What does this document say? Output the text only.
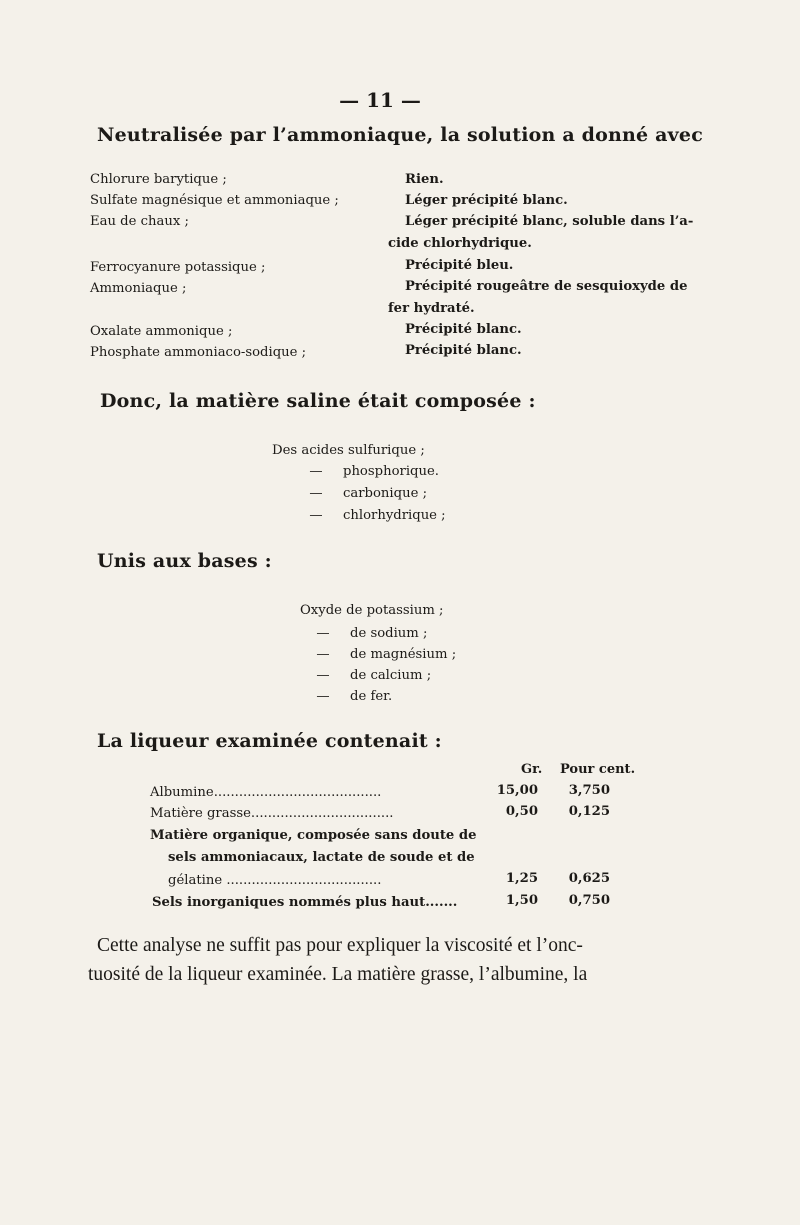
— 11 —
Neutralisée par l’ammoniaque, la solution a donné avec
Chlorure barytique ;	Rien.
Sulfate magnésique et ammoniaque ;	Léger précipité blanc.
Eau de chaux ;	Léger précipité blanc, soluble dans l’a-
cide chlorhydrique.
Ferrocyanure potassique ;	Précipité bleu.
Ammoniaque ;	Précipité rougeâtre de sesquioxyde de
fer hydraté.
Oxalate ammonique ;	Précipité blanc.
Phosphate ammoniaco-sodique ;	Précipité blanc.
Donc, la matière saline était composée :
Des acides sulfurique ;
— phosphorique.
— carbonique ;
— chlorhydrique ;
Unis aux bases :
Oxyde de potassium ;
— de sodium ;
— de magnésium ;
— de calcium ;
— de fer.
La liqueur examinée contenait :
Gr. Pour cent.
Albumine........................................	15,00	3,750
Matière grasse..................................	0,50	0,125
Matière organique, composée sans doute de
sels ammoniacaux, lactate de soude et de
gélatine .....................................	1,25	0,625
Sels inorganiques nommés plus haut.......	1,50	0,750
Cette analyse ne suffit pas pour expliquer la viscosité et l’onc-
tuosité de la liqueur examinée. La matière grasse, l’albumine, la
